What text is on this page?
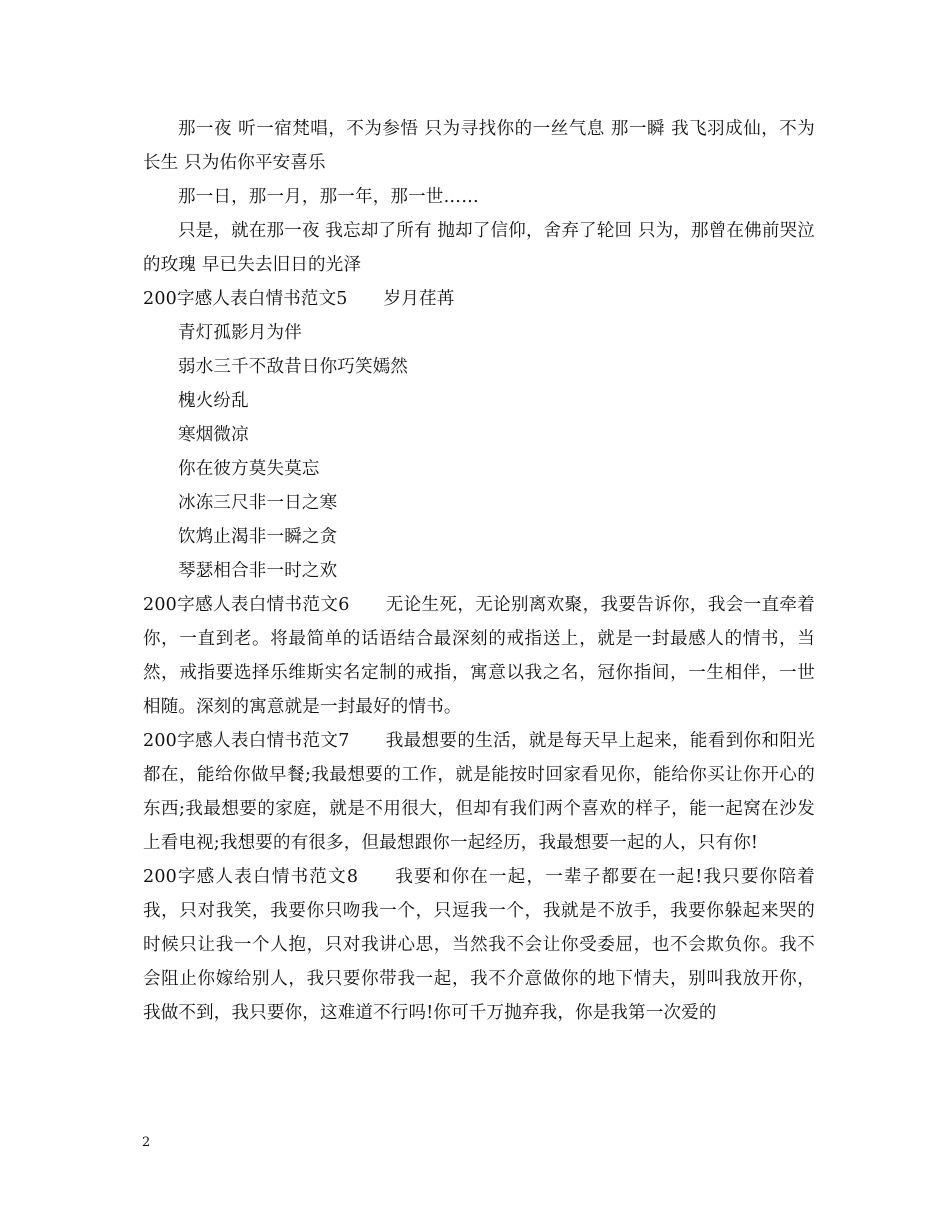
那一夜 听一宿梵唱，不为参悟 只为寻找你的一丝气息 那一瞬 我飞羽成仙，不为长生 只为佑你平安喜乐

那一日，那一月，那一年，那一世……

只是，就在那一夜 我忘却了所有 抛却了信仰，舍弃了轮回 只为，那曾在佛前哭泣的玫瑰 早已失去旧日的光泽

200字感人表白情书范文5 岁月荏苒

青灯孤影月为伴

弱水三千不敌昔日你巧笑嫣然

槐火纷乱

寒烟微凉

你在彼方莫失莫忘

冰冻三尺非一日之寒

饮鸩止渴非一瞬之贪

琴瑟相合非一时之欢

200字感人表白情书范文6 无论生死，无论别离欢聚，我要告诉你，我会一直牵着你，一直到老。将最简单的话语结合最深刻的戒指送上，就是一封最感人的情书，当然，戒指要选择乐维斯实名定制的戒指，寓意以我之名，冠你指间，一生相伴，一世相随。深刻的寓意就是一封最好的情书。

200字感人表白情书范文7 我最想要的生活，就是每天早上起来，能看到你和阳光都在，能给你做早餐;我最想要的工作，就是能按时回家看见你，能给你买让你开心的东西;我最想要的家庭，就是不用很大，但却有我们两个喜欢的样子，能一起窝在沙发上看电视;我想要的有很多，但最想跟你一起经历，我最想要一起的人，只有你!

200字感人表白情书范文8 我要和你在一起，一辈子都要在一起!我只要你陪着我，只对我笑，我要你只吻我一个，只逗我一个，我就是不放手，我要你躲起来哭的时候只让我一个人抱，只对我讲心思，当然我不会让你受委屈，也不会欺负你。我不会阻止你嫁给别人，我只要你带我一起，我不介意做你的地下情夫，别叫我放开你，我做不到，我只要你，这难道不行吗!你可千万抛弃我，你是我第一次爱的

2
